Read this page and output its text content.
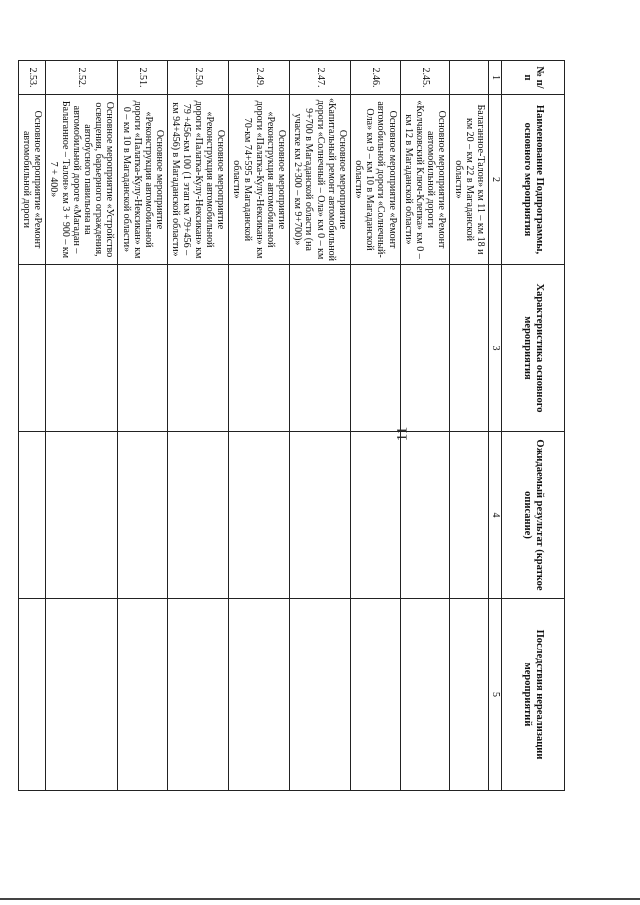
11
№ п/п	Наименование Подпрограммы, основного мероприятия	Характеристика основного мероприятия	Ожидаемый результат (краткое описание)	Последствия нереализации мероприятий
1	2	3	4	5
	Балаганное-Талон» км 11 – км 18 и км 20 – км 22 в Магаданской области»			
2.45.	Основное мероприятие «Ремонт автомобильной дороги «Колчаковский Ключ-Клепка» км 0 – км 12 в Магаданской области»			
2.46.	Основное мероприятие «Ремонт автомобильной дороги «Солнечный-Ола» км 9 – км 10 в Магаданской области»			
2.47.	Основное мероприятие «Капитальный ремонт автомобильной дороги «Солнечный – Ола» км 0 – км 9+700 в Магаданской области (на участке км 2+300 – км 9+700)»			
2.49.	Основное мероприятие «Реконструкция автомобильной дороги «Палатка-Кулу-Нексикан» км 70-км 74+595 в Магаданской области»			
2.50.	Основное мероприятие «Реконструкция автомобильной дороги «Палатка-Кулу-Нексикан» км 79 +456-км 100 (1 этап км 79+456 – км 94+456) в Магаданской области»			
2.51.	Основное мероприятие «Реконструкция автомобильной дороги «Палатка-Кулу-Нексикан» км 0 – км 10 в Магаданской области»			
2.52.	Основное мероприятие «Устройство освещения, барьерного ограждения, автобусного павильона на автомобильной дороге «Магадан – Балаганное – Талон» км 3 + 900 – км 7 + 400»			
2.53.	Основное мероприятие «Ремонт автомобильной дороги			
